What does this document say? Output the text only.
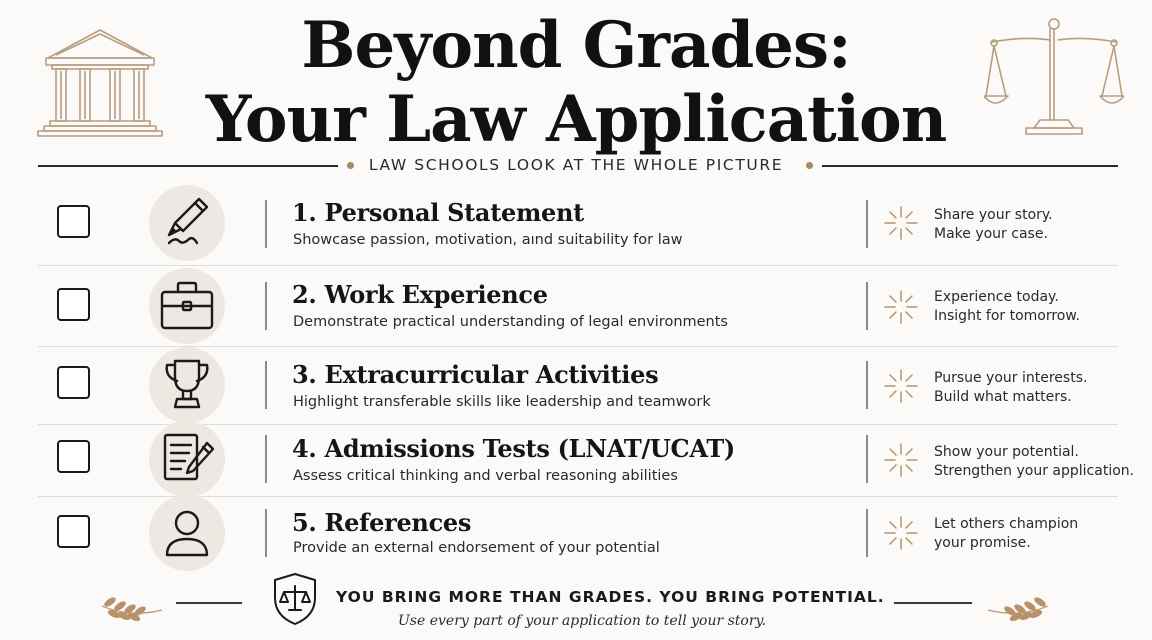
Beyond Grades:
Your Law Application
LAW SCHOOLS LOOK AT THE WHOLE PICTURE
1. Personal Statement
Showcase passion, motivation, aınd suitability for law
Share your story.
Make your case.
2. Work Experience
Demonstrate practical understanding of legal environments
Experience today.
Insight for tomorrow.
3. Extracurricular Activities
Highlight transferable skills like leadership and teamwork
Pursue your interests.
Build what matters.
4. Admissions Tests (LNAT/UCAT)
Assess critical thinking and verbal reasoning abilities
Show your potential.
Strengthen your application.
5. References
Provide an external endorsement of your potential
Let others champion
your promise.
YOU BRING MORE THAN GRADES. YOU BRING POTENTIAL.
Use every part of your application to tell your story.
